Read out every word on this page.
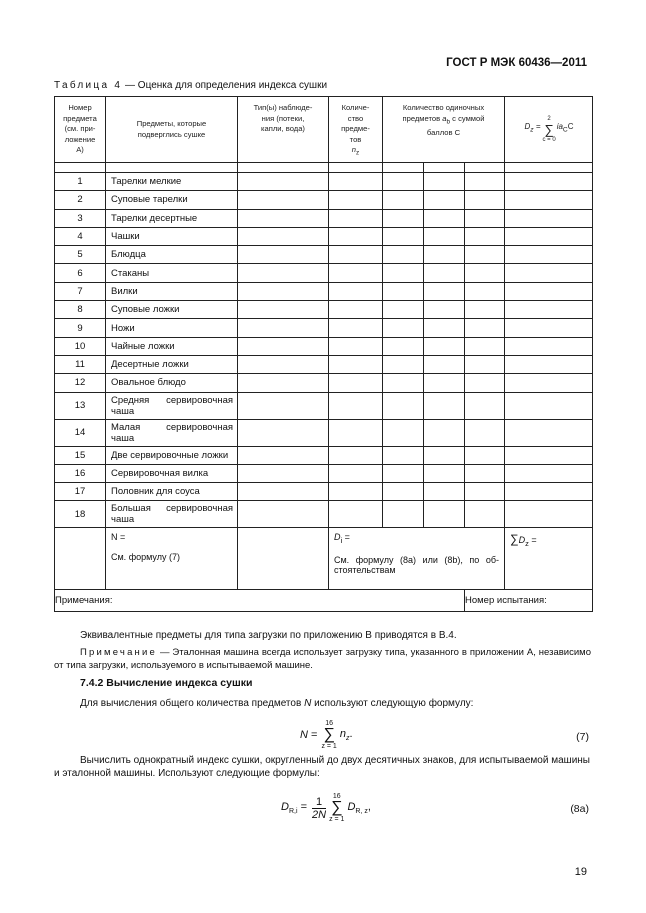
ГОСТ Р МЭК 60436—2011
Таблица 4 — Оценка для определения индекса сушки
Номер
предмета
(см. при-
ложение
А)

Предметы, которые
подверглись сушке

Тип(ы) наблюде-
ния (потеки,
капли, вода)

Количе-
ство
предме-
тов
$n_z$

Количество одиночных
предметов $a_b$ с суммой
баллов С

$D_z$ =	2	$ia_CC$
∑
c = 0

1	Тарелки мелкие						
2	Суповые тарелки						
3	Тарелки десертные						
4	Чашки						
5	Блюдца						
6	Стаканы						
7	Вилки						
8	Суповые ложки						
9	Ножи						
10	Чайные ложки						
11	Десертные ложки						
12	Овальное блюдо						
13	Средняя сервировочная чаша						
14	Малая сервировочная чаша						
15	Две сервировочные ложки						
16	Сервировочная вилка						
17	Половник для соуса						
18	Большая сервировочная чаша						
	N =
См. формулу (7)
		$D_i$ =
См. формулу (8a) или (8b), по об-стоятельствам
	$\sum D_z$ =
Примечания:	Номер испытания:
Эквивалентные предметы для типа загрузки по приложению В приводятся в В.4.
Примечание — Эталонная машина всегда использует загрузку типа, указанного в приложении А, независимо от типа загрузки, используемого в испытываемой машине.
7.4.2 Вычисление индекса сушки
Для вычисления общего количества предметов N используют следующую формулу:
N =	16	$n_z$.
∑
z = 1
(7)
Вычислить однократный индекс сушки, округленный до двух десятичных знаков, для испытываемой машины и эталонной машины. Используют следующие формулы:
$D_{R,i}$ =	1
2N
	16	$D_{R, z}$,
∑
z = 1
(8a)
19
